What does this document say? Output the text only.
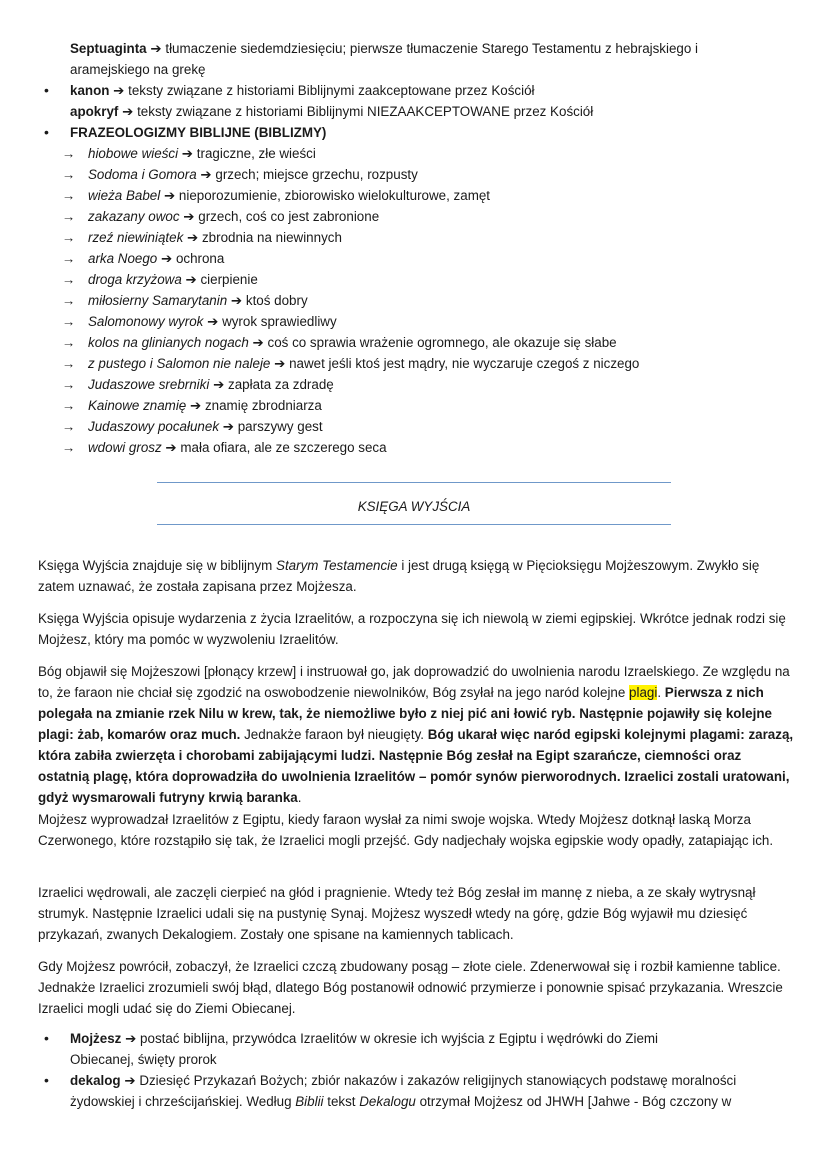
Septuaginta ➔ tłumaczenie siedemdziesięciu; pierwsze tłumaczenie Starego Testamentu z hebrajskiego i
aramejskiego na grekę
• kanon ➔ teksty związane z historiami Biblijnymi zaakceptowane przez Kościół
apokryf ➔ teksty związane z historiami Biblijnymi NIEZAAKCEPTOWANE przez Kościół
• FRAZEOLOGIZMY BIBLIJNE (BIBLIZMY)
→ hiobowe wieści ➔ tragiczne, złe wieści
→ Sodoma i Gomora ➔ grzech; miejsce grzechu, rozpusty
→ wieża Babel ➔ nieporozumienie, zbiorowisko wielokulturowe, zamęt
→ zakazany owoc ➔ grzech, coś co jest zabronione
→ rzeź niewiniątek ➔ zbrodnia na niewinnych
→ arka Noego ➔ ochrona
→ droga krzyżowa ➔ cierpienie
→ miłosierny Samarytanin ➔ ktoś dobry
→ Salomonowy wyrok ➔ wyrok sprawiedliwy
→ kolos na glinianych nogach ➔ coś co sprawia wrażenie ogromnego, ale okazuje się słabe
→ z pustego i Salomon nie naleje ➔ nawet jeśli ktoś jest mądry, nie wyczaruje czegoś z niczego
→ Judaszowe srebrniki ➔ zapłata za zdradę
→ Kainowe znamię ➔ znamię zbrodniarza
→ Judaszowy pocałunek ➔ parszywy gest
→ wdowi grosz ➔ mała ofiara, ale ze szczerego seca
KSIĘGA WYJŚCIA
Księga Wyjścia znajduje się w biblijnym Starym Testamencie i jest drugą księgą w Pięcioksięgu Mojżeszowym. Zwykło się zatem uznawać, że została zapisana przez Mojżesza.
Księga Wyjścia opisuje wydarzenia z życia Izraelitów, a rozpoczyna się ich niewolą w ziemi egipskiej. Wkrótce jednak rodzi się Mojżesz, który ma pomóc w wyzwoleniu Izraelitów.
Bóg objawił się Mojżeszowi [płonący krzew] i instruował go, jak doprowadzić do uwolnienia narodu Izraelskiego. Ze względu na to, że faraon nie chciał się zgodzić na oswobodzenie niewolników, Bóg zsyłał na jego naród kolejne plagi. Pierwsza z nich polegała na zmianie rzek Nilu w krew, tak, że niemożliwe było z niej pić ani łowić ryb. Następnie pojawiły się kolejne plagi: żab, komarów oraz much. Jednakże faraon był nieugięty. Bóg ukarał więc naród egipski kolejnymi plagami: zarazą, która zabiła zwierzęta i chorobami zabijającymi ludzi. Następnie Bóg zesłał na Egipt szarańcze, ciemności oraz ostatnią plagę, która doprowadziła do uwolnienia Izraelitów – pomór synów pierworodnych. Izraelici zostali uratowani, gdyż wysmarowali futryny krwią baranka.
Mojżesz wyprowadzał Izraelitów z Egiptu, kiedy faraon wysłał za nimi swoje wojska. Wtedy Mojżesz dotknął laską Morza Czerwonego, które rozstąpiło się tak, że Izraelici mogli przejść. Gdy nadjechały wojska egipskie wody opadły, zatapiając ich.
Izraelici wędrowali, ale zaczęli cierpieć na głód i pragnienie. Wtedy też Bóg zesłał im mannę z nieba, a ze skały wytrysnął strumyk. Następnie Izraelici udali się na pustynię Synaj. Mojżesz wyszedł wtedy na górę, gdzie Bóg wyjawił mu dziesięć przykazań, zwanych Dekalogiem. Zostały one spisane na kamiennych tablicach.
Gdy Mojżesz powrócił, zobaczył, że Izraelici czczą zbudowany posąg – złote ciele. Zdenerwował się i rozbił kamienne tablice. Jednakże Izraelici zrozumieli swój błąd, dlatego Bóg postanowił odnowić przymierze i ponownie spisać przykazania. Wreszcie Izraelici mogli udać się do Ziemi Obiecanej.
• Mojżesz ➔ postać biblijna, przywódca Izraelitów w okresie ich wyjścia z Egiptu i wędrówki do Ziemi
Obiecanej, święty prorok
• dekalog ➔ Dziesięć Przykazań Bożych; zbiór nakazów i zakazów religijnych stanowiących podstawę moralności
żydowskiej i chrześcijańskiej. Według Biblii tekst Dekalogu otrzymał Mojżesz od JHWH [Jahwe - Bóg czczony w
